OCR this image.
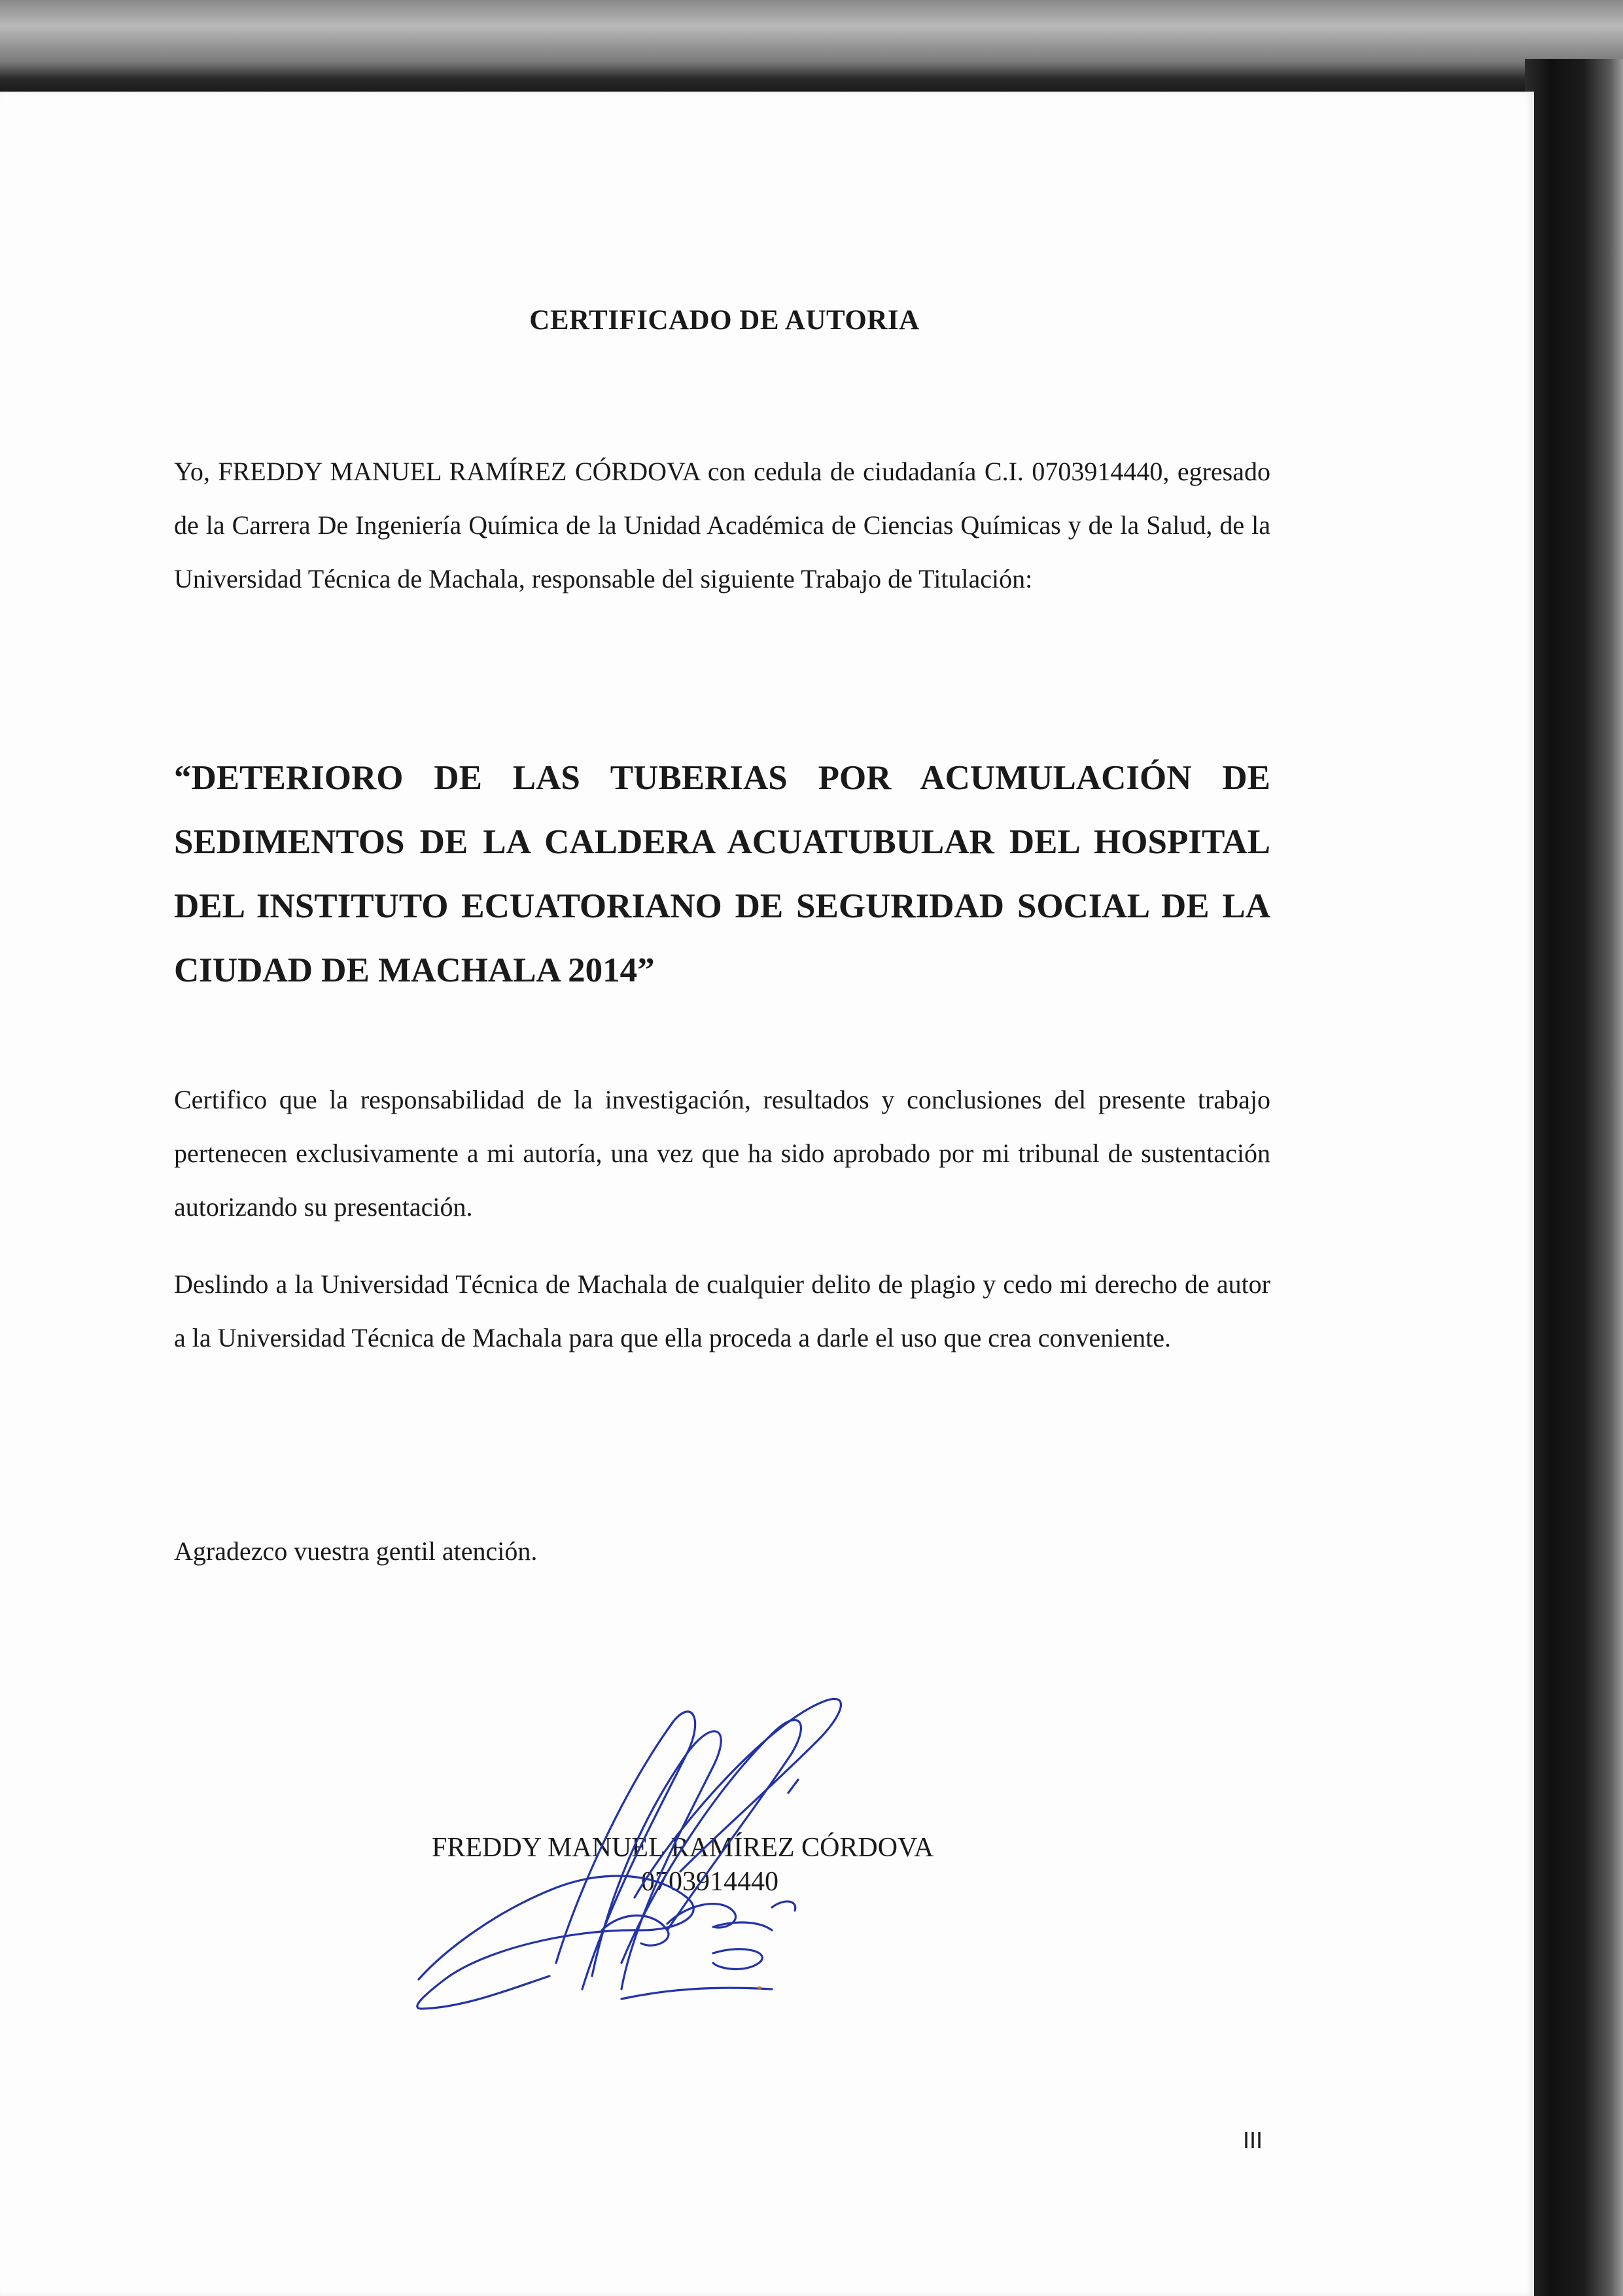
CERTIFICADO DE AUTORIA
Yo, FREDDY MANUEL RAMÍREZ CÓRDOVA con cedula de ciudadanía C.I. 0703914440, egresado de la Carrera De Ingeniería Química de la Unidad Académica de Ciencias Químicas y de la Salud, de la Universidad Técnica de Machala, responsable del siguiente Trabajo de Titulación:
“DETERIORO DE LAS TUBERIAS POR ACUMULACIÓN DE SEDIMENTOS DE LA CALDERA ACUATUBULAR DEL HOSPITAL DEL INSTITUTO ECUATORIANO DE SEGURIDAD SOCIAL DE LA CIUDAD DE MACHALA 2014”
Certifico que la responsabilidad de la investigación, resultados y conclusiones del presente trabajo pertenecen exclusivamente a mi autoría, una vez que ha sido aprobado por mi tribunal de sustentación autorizando su presentación.
Deslindo a la Universidad Técnica de Machala de cualquier delito de plagio y cedo mi derecho de autor a la Universidad Técnica de Machala para que ella proceda a darle el uso que crea conveniente.
Agradezco vuestra gentil atención.
FREDDY MANUEL RAMÍREZ CÓRDOVA
0703914440
III
